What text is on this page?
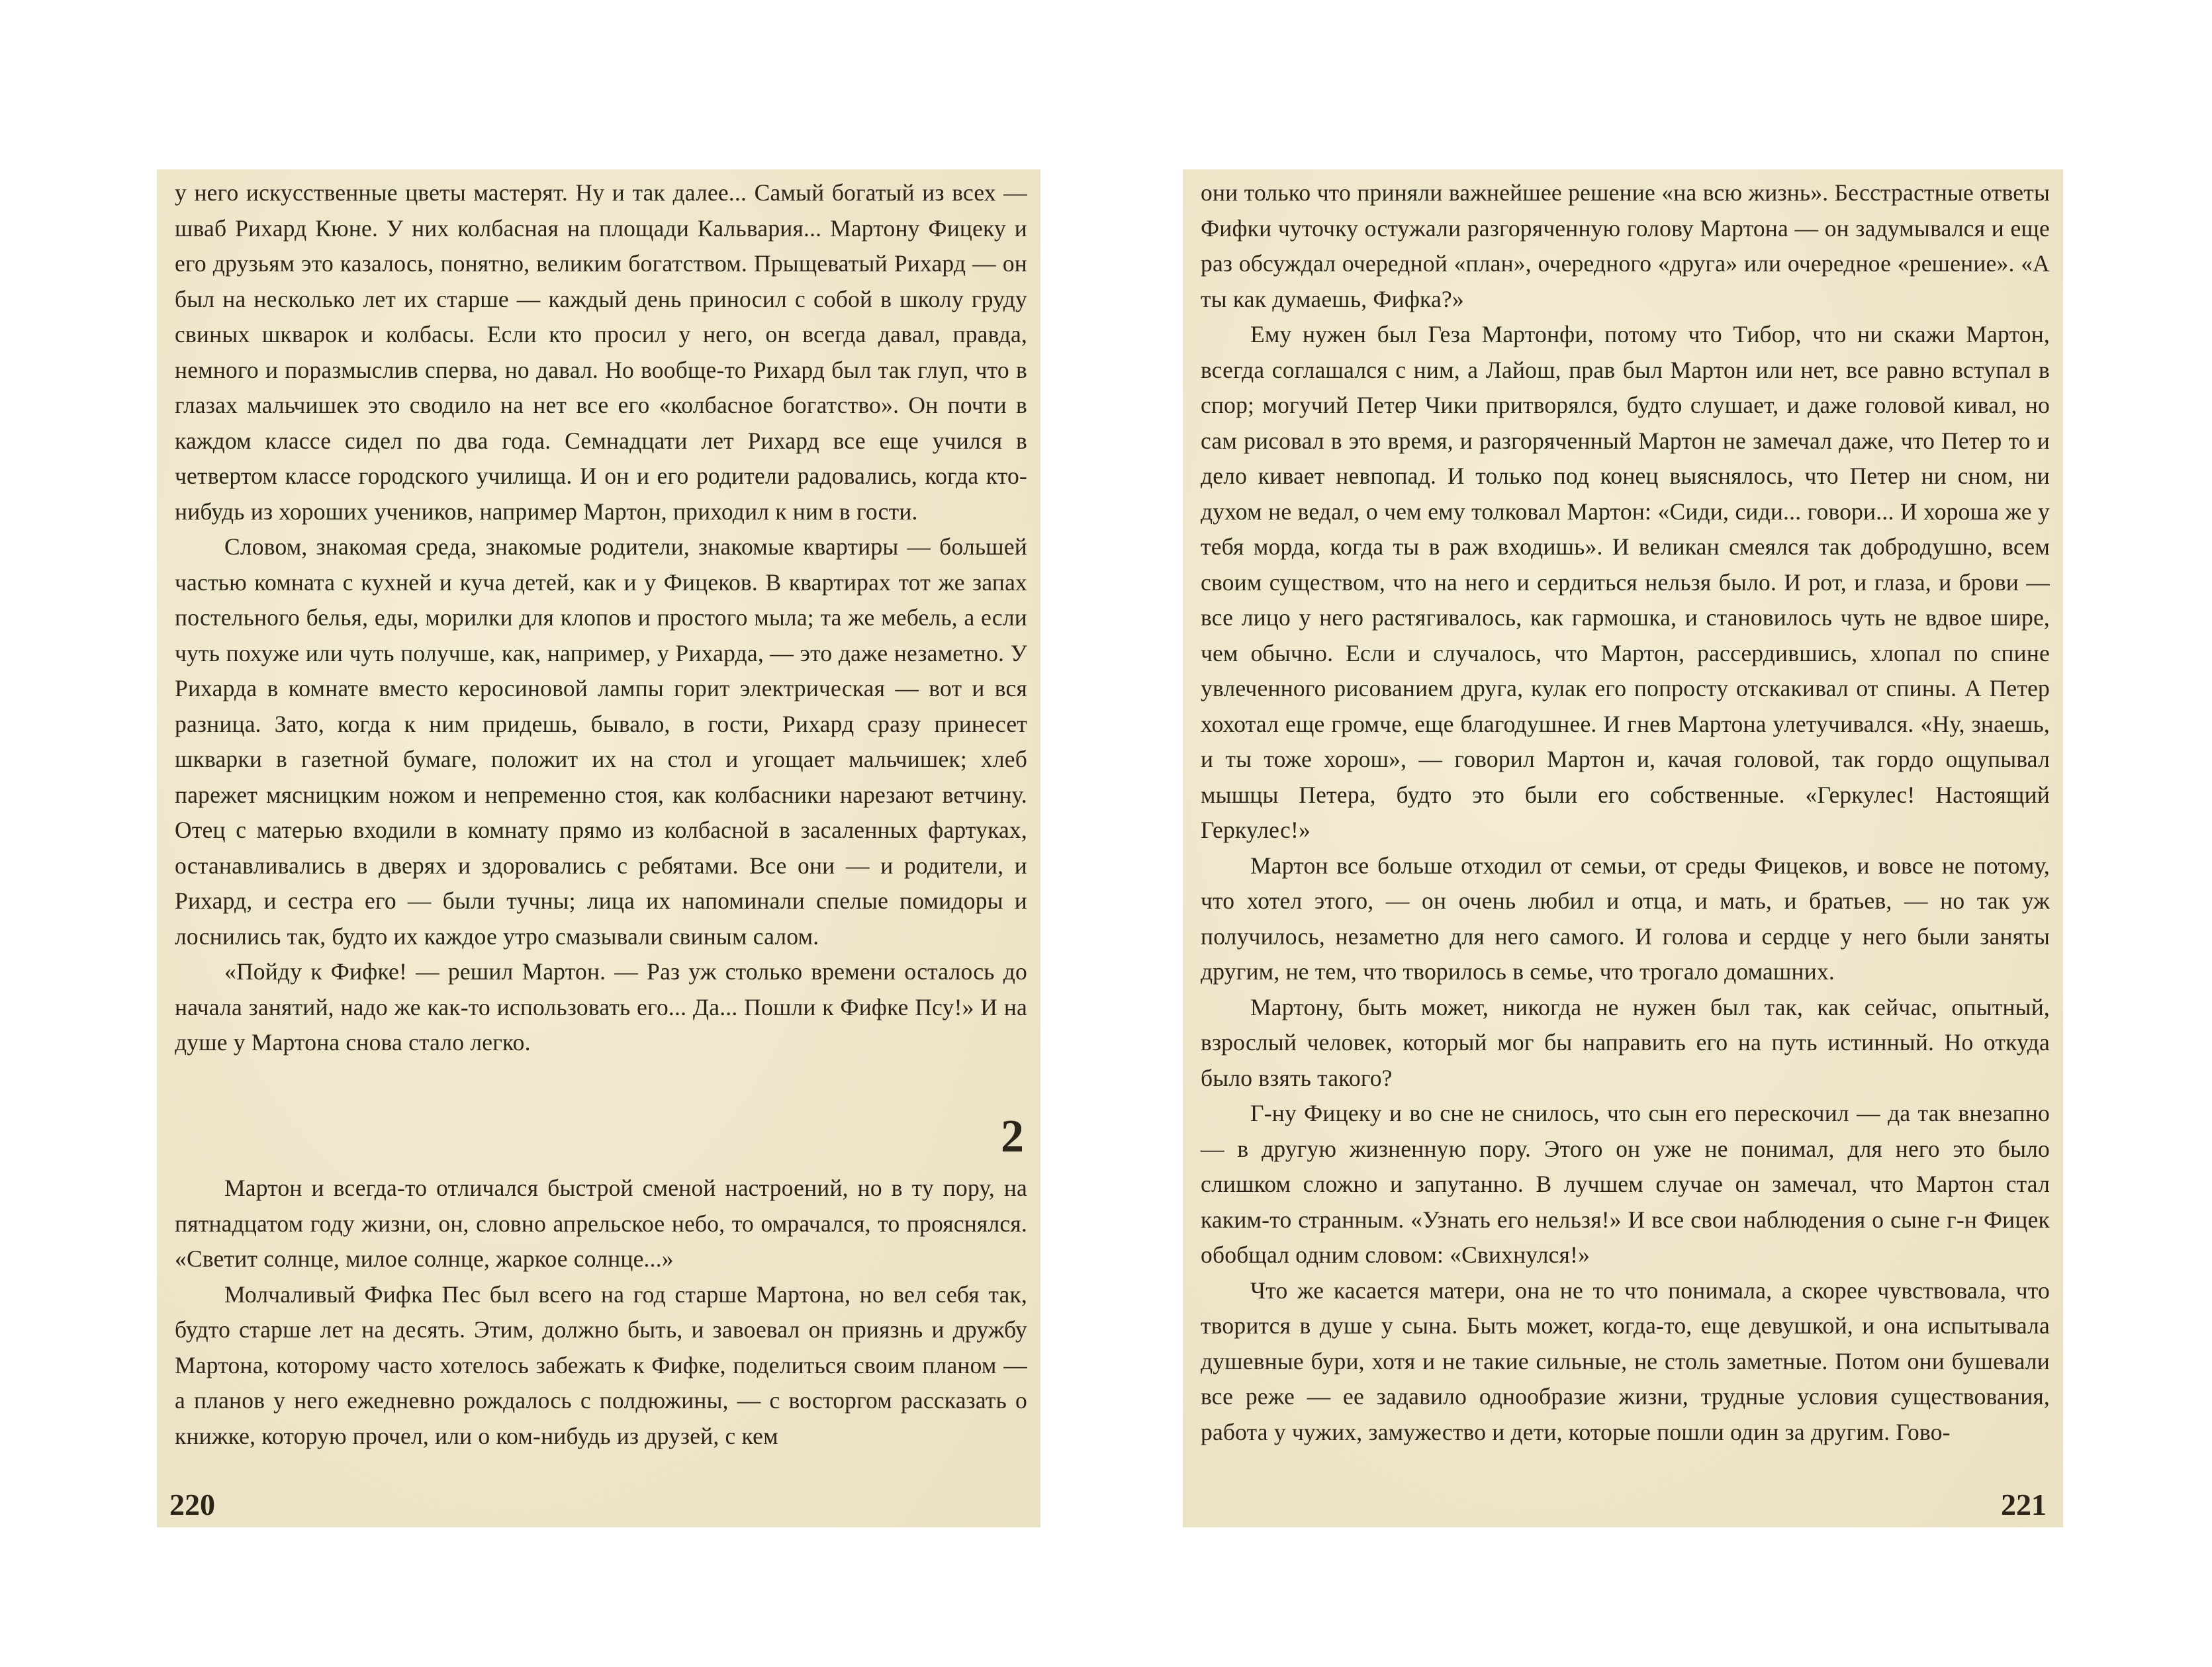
у него искусственные цветы мастерят. Ну и так далее... Самый богатый из всех — шваб Рихард Кюне. У них колбасная на площади Кальвария... Мартону Фицеку и его друзьям это казалось, понятно, великим богатством. Прыщеватый Рихард — он был на несколько лет их старше — каждый день приносил с собой в школу груду свиных шкварок и колбасы. Если кто просил у него, он всегда давал, правда, немного и поразмыслив сперва, но давал. Но вообще-то Рихард был так глуп, что в глазах мальчишек это сводило на нет все его «колбасное богатство». Он почти в каждом классе сидел по два года. Семнадцати лет Рихард все еще учился в четвертом классе городского училища. И он и его родители радовались, когда кто-нибудь из хороших учеников, например Мартон, приходил к ним в гости.

Словом, знакомая среда, знакомые родители, знакомые квартиры — большей частью комната с кухней и куча детей, как и у Фицеков. В квартирах тот же запах постельного белья, еды, морилки для клопов и простого мыла; та же мебель, а если чуть похуже или чуть получше, как, например, у Рихарда, — это даже незаметно. У Рихарда в комнате вместо керосиновой лампы горит электрическая — вот и вся разница. Зато, когда к ним придешь, бывало, в гости, Рихард сразу принесет шкварки в газетной бумаге, положит их на стол и угощает мальчишек; хлеб парежет мясницким ножом и непременно стоя, как колбасники нарезают ветчину. Отец с матерью входили в комнату прямо из колбасной в засаленных фартуках, останавливались в дверях и здоровались с ребятами. Все они — и родители, и Рихард, и сестра его — были тучны; лица их напоминали спелые помидоры и лоснились так, будто их каждое утро смазывали свиным салом.

«Пойду к Фифке! — решил Мартон. — Раз уж столько времени осталось до начала занятий, надо же как-то использовать его... Да... Пошли к Фифке Псу!» И на душе у Мартона снова стало легко.

2

Мартон и всегда-то отличался быстрой сменой настроений, но в ту пору, на пятнадцатом году жизни, он, словно апрельское небо, то омрачался, то прояснялся. «Светит солнце, милое солнце, жаркое солнце...»

Молчаливый Фифка Пес был всего на год старше Мартона, но вел себя так, будто старше лет на десять. Этим, должно быть, и завоевал он приязнь и дружбу Мартона, которому часто хотелось забежать к Фифке, поделиться своим планом — а планов у него ежедневно рождалось с полдюжины, — с восторгом рассказать о книжке, которую прочел, или о ком-нибудь из друзей, с кем

220

они только что приняли важнейшее решение «на всю жизнь». Бесстрастные ответы Фифки чуточку остужали разгоряченную голову Мартона — он задумывался и еще раз обсуждал очередной «план», очередного «друга» или очередное «решение». «А ты как думаешь, Фифка?»

Ему нужен был Геза Мартонфи, потому что Тибор, что ни скажи Мартон, всегда соглашался с ним, а Лайош, прав был Мартон или нет, все равно вступал в спор; могучий Петер Чики притворялся, будто слушает, и даже головой кивал, но сам рисовал в это время, и разгоряченный Мартон не замечал даже, что Петер то и дело кивает невпопад. И только под конец выяснялось, что Петер ни сном, ни духом не ведал, о чем ему толковал Мартон: «Сиди, сиди... говори... И хороша же у тебя морда, когда ты в раж входишь». И великан смеялся так добродушно, всем своим существом, что на него и сердиться нельзя было. И рот, и глаза, и брови — все лицо у него растягивалось, как гармошка, и становилось чуть не вдвое шире, чем обычно. Если и случалось, что Мартон, рассердившись, хлопал по спине увлеченного рисованием друга, кулак его попросту отскакивал от спины. А Петер хохотал еще громче, еще благодушнее. И гнев Мартона улетучивался. «Ну, знаешь, и ты тоже хорош», — говорил Мартон и, качая головой, так гордо ощупывал мышцы Петера, будто это были его собственные. «Геркулес! Настоящий Геркулес!»

Мартон все больше отходил от семьи, от среды Фицеков, и вовсе не потому, что хотел этого, — он очень любил и отца, и мать, и братьев, — но так уж получилось, незаметно для него самого. И голова и сердце у него были заняты другим, не тем, что творилось в семье, что трогало домашних.

Мартону, быть может, никогда не нужен был так, как сейчас, опытный, взрослый человек, который мог бы направить его на путь истинный. Но откуда было взять такого?

Г-ну Фицеку и во сне не снилось, что сын его перескочил — да так внезапно — в другую жизненную пору. Этого он уже не понимал, для него это было слишком сложно и запутанно. В лучшем случае он замечал, что Мартон стал каким-то странным. «Узнать его нельзя!» И все свои наблюдения о сыне г-н Фицек обобщал одним словом: «Свихнулся!»

Что же касается матери, она не то что понимала, а скорее чувствовала, что творится в душе у сына. Быть может, когда-то, еще девушкой, и она испытывала душевные бури, хотя и не такие сильные, не столь заметные. Потом они бушевали все реже — ее задавило однообразие жизни, трудные условия существования, работа у чужих, замужество и дети, которые пошли один за другим. Гово-

221
